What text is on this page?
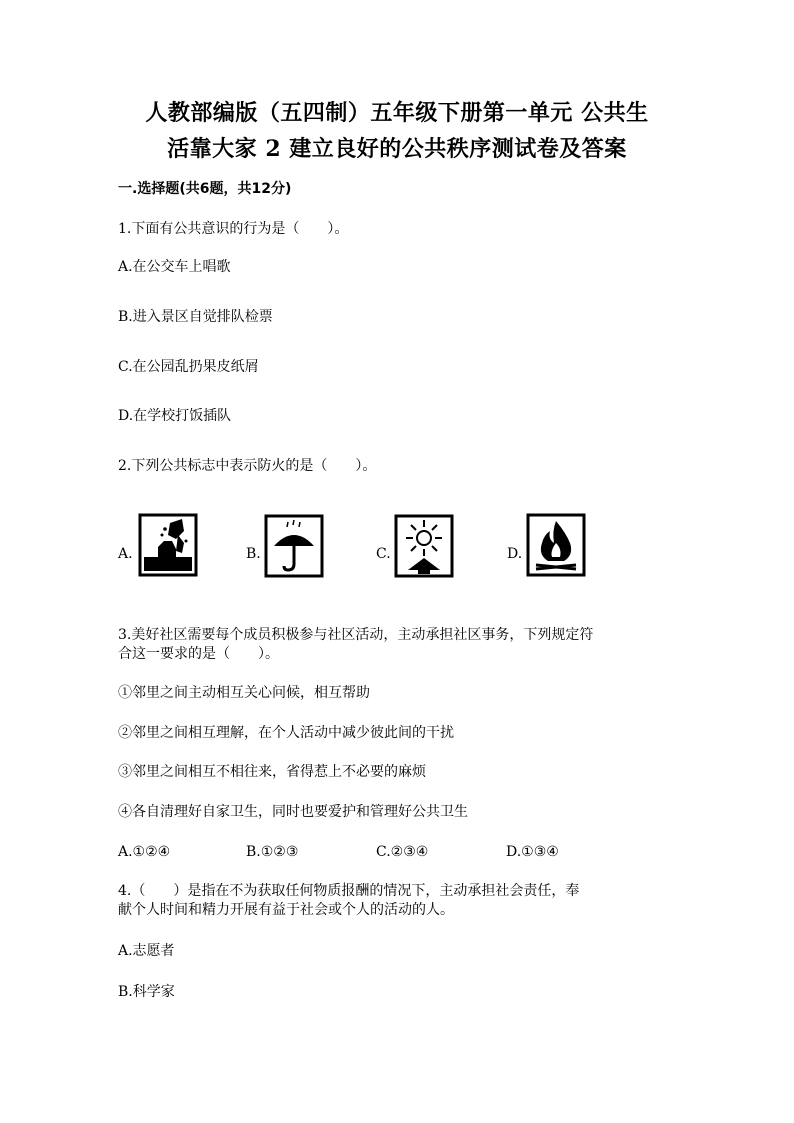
人教部编版（五四制）五年级下册第一单元 公共生
活靠大家 2 建立良好的公共秩序测试卷及答案
一.选择题(共6题，共12分)
1.下面有公共意识的行为是（　　）。
A.在公交车上唱歌
B.进入景区自觉排队检票
C.在公园乱扔果皮纸屑
D.在学校打饭插队
2.下列公共标志中表示防火的是（　　）。
A.	B.	C.	D.
3.美好社区需要每个成员积极参与社区活动，主动承担社区事务，下列规定符
合这一要求的是（　　）。
①邻里之间主动相互关心问候，相互帮助
②邻里之间相互理解，在个人活动中减少彼此间的干扰
③邻里之间相互不相往来，省得惹上不必要的麻烦
④各自清理好自家卫生，同时也要爱护和管理好公共卫生
A.①②④	B.①②③	C.②③④	D.①③④
4.（　　）是指在不为获取任何物质报酬的情况下，主动承担社会责任，奉
献个人时间和精力开展有益于社会或个人的活动的人。
A.志愿者
B.科学家
